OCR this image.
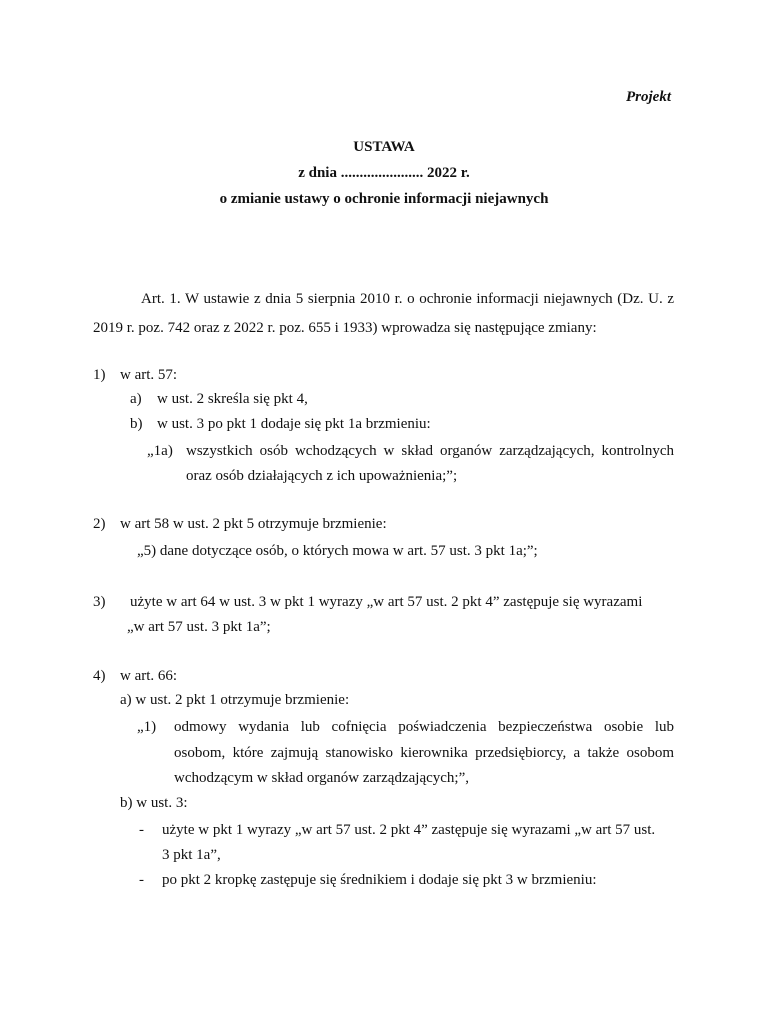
Projekt
USTAWA
z dnia ...................... 2022 r.
o zmianie ustawy o ochronie informacji niejawnych
Art. 1. W ustawie z dnia 5 sierpnia 2010 r. o ochronie informacji niejawnych (Dz. U. z
2019 r. poz. 742 oraz z 2022 r. poz. 655 i 1933) wprowadza się następujące zmiany:
1) w art. 57:
a) w ust. 2 skreśla się pkt 4,
b) w ust. 3 po pkt 1 dodaje się pkt 1a brzmieniu:
„1a) wszystkich osób wchodzących w skład organów zarządzających, kontrolnych
oraz osób działających z ich upoważnienia;”;
2) w art 58 w ust. 2 pkt 5 otrzymuje brzmienie:
„5) dane dotyczące osób, o których mowa w art. 57 ust. 3 pkt 1a;”;
3) użyte w art 64 w ust. 3 w pkt 1 wyrazy „w art 57 ust. 2 pkt 4” zastępuje się wyrazami
„w art 57 ust. 3 pkt 1a”;
4) w art. 66:
a) w ust. 2 pkt 1 otrzymuje brzmienie:
„1) odmowy wydania lub cofnięcia poświadczenia bezpieczeństwa osobie lub
osobom, które zajmują stanowisko kierownika przedsiębiorcy, a także osobom
wchodzącym w skład organów zarządzających;”,
b) w ust. 3:
- użyte w pkt 1 wyrazy „w art 57 ust. 2 pkt 4” zastępuje się wyrazami „w art 57 ust.
3 pkt 1a”,
- po pkt 2 kropkę zastępuje się średnikiem i dodaje się pkt 3 w brzmieniu:
